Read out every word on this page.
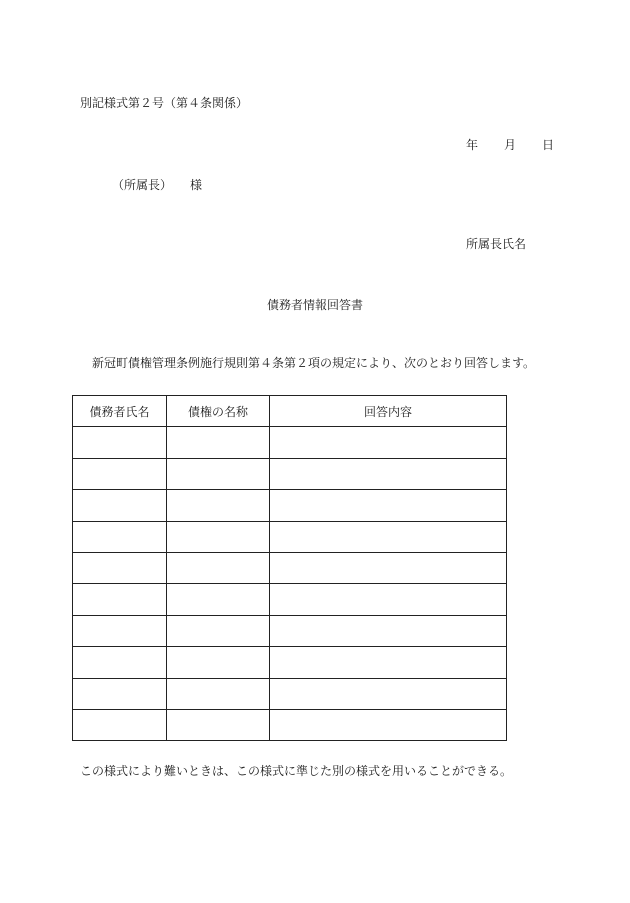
別記様式第２号（第４条関係）
年 月 日
（所属長） 様
所属長氏名
債務者情報回答書
新冠町債権管理条例施行規則第４条第２項の規定により、次のとおり回答します。
債務者氏名	債権の名称	回答内容

この様式により難いときは、この様式に準じた別の様式を用いることができる。
